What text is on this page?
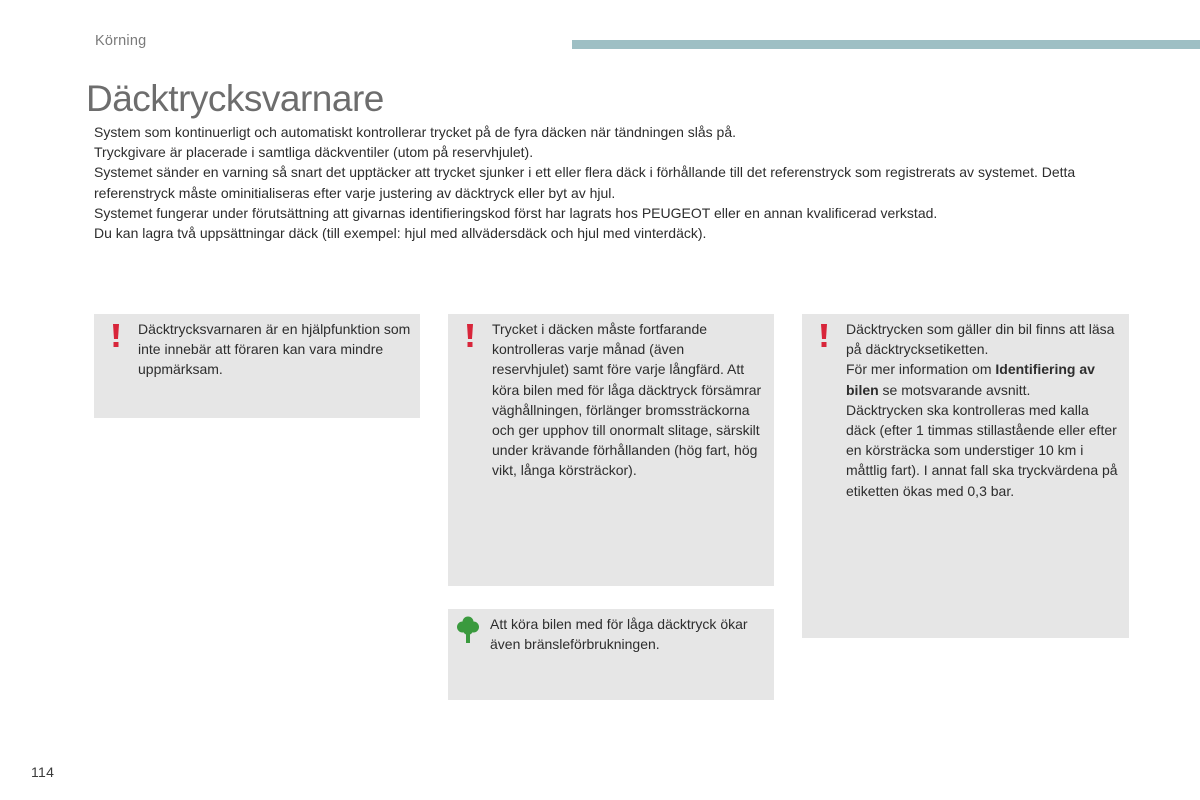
Körning
Däcktrycksvarnare

System som kontinuerligt och automatiskt kontrollerar trycket på de fyra däcken när tändningen slås på.

Tryckgivare är placerade i samtliga däckventiler (utom på reservhjulet).

Systemet sänder en varning så snart det upptäcker att trycket sjunker i ett eller flera däck i förhållande till det referenstryck som registrerats av systemet. Detta referenstryck måste ominitialiseras efter varje justering av däcktryck eller byt av hjul.

Systemet fungerar under förutsättning att givarnas identifieringskod först har lagrats hos PEUGEOT eller en annan kvalificerad verkstad.

Du kan lagra två uppsättningar däck (till exempel: hjul med allvädersdäck och hjul med vinterdäck).

Däcktrycksvarnaren är en hjälpfunktion som inte innebär att föraren kan vara mindre uppmärksam.

Trycket i däcken måste fortfarande kontrolleras varje månad (även reservhjulet) samt före varje långfärd. Att köra bilen med för låga däcktryck försämrar väghållningen, förlänger bromssträckorna och ger upphov till onormalt slitage, särskilt under krävande förhållanden (hög fart, hög vikt, långa körsträckor).

Däcktrycken som gäller din bil finns att läsa på däcktrycksetiketten.

För mer information om Identifiering av bilen se motsvarande avsnitt.

Däcktrycken ska kontrolleras med kalla däck (efter 1 timmas stillastående eller efter en körsträcka som understiger 10 km i måttlig fart). I annat fall ska tryckvärdena på etiketten ökas med 0,3 bar.

Att köra bilen med för låga däcktryck ökar även bränsleförbrukningen.

114
